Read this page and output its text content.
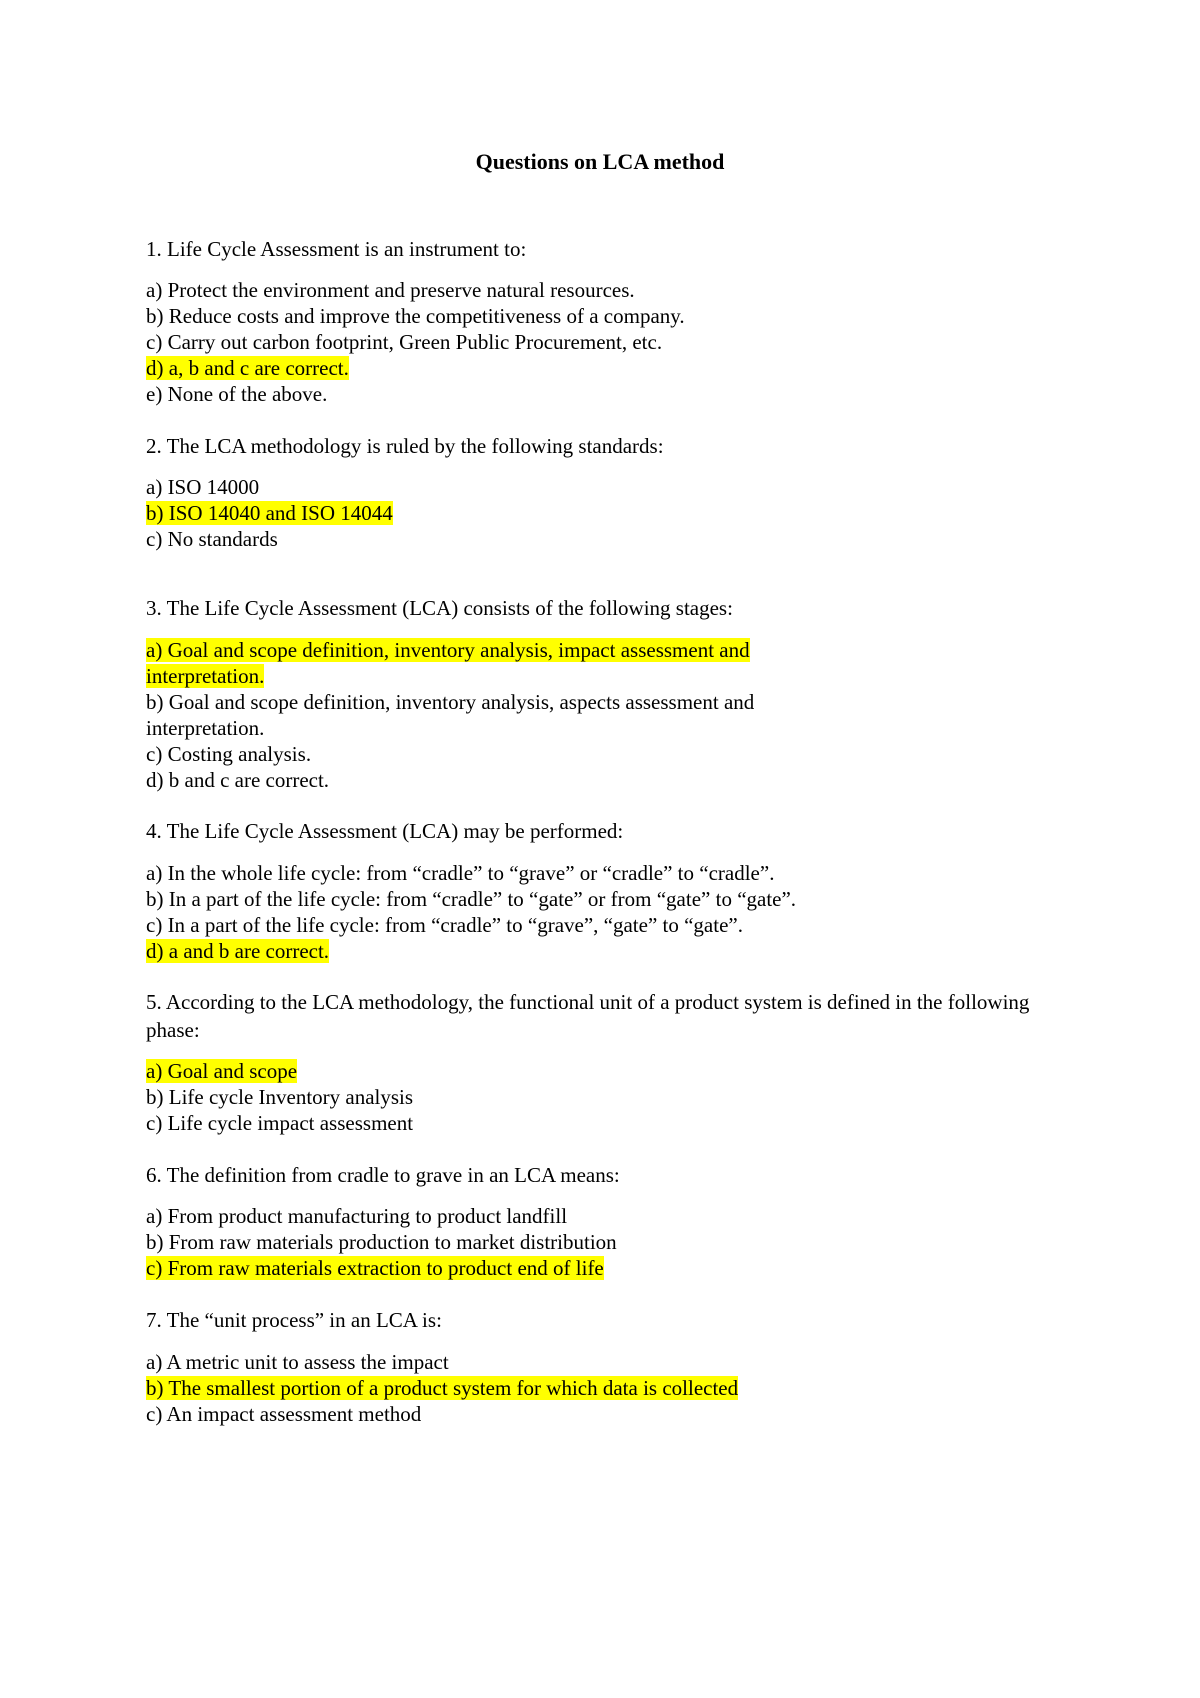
Questions on LCA method
1. Life Cycle Assessment is an instrument to:
a) Protect the environment and preserve natural resources.
b) Reduce costs and improve the competitiveness of a company.
c) Carry out carbon footprint, Green Public Procurement, etc.
d) a, b and c are correct.
e) None of the above.
2. The LCA methodology is ruled by the following standards:
a) ISO 14000
b) ISO 14040 and ISO 14044
c) No standards
3. The Life Cycle Assessment (LCA) consists of the following stages:
a) Goal and scope definition, inventory analysis, impact assessment and
interpretation.
b) Goal and scope definition, inventory analysis, aspects assessment and
interpretation.
c) Costing analysis.
d) b and c are correct.
4. The Life Cycle Assessment (LCA) may be performed:
a) In the whole life cycle: from “cradle” to “grave” or “cradle” to “cradle”.
b) In a part of the life cycle: from “cradle” to “gate” or from “gate” to “gate”.
c) In a part of the life cycle: from “cradle” to “grave”, “gate” to “gate”.
d) a and b are correct.
5. According to the LCA methodology, the functional unit of a product system is defined in the following phase:
a) Goal and scope
b) Life cycle Inventory analysis
c) Life cycle impact assessment
6. The definition from cradle to grave in an LCA means:
a) From product manufacturing to product landfill
b) From raw materials production to market distribution
c) From raw materials extraction to product end of life
7. The “unit process” in an LCA is:
a) A metric unit to assess the impact
b) The smallest portion of a product system for which data is collected
c) An impact assessment method
